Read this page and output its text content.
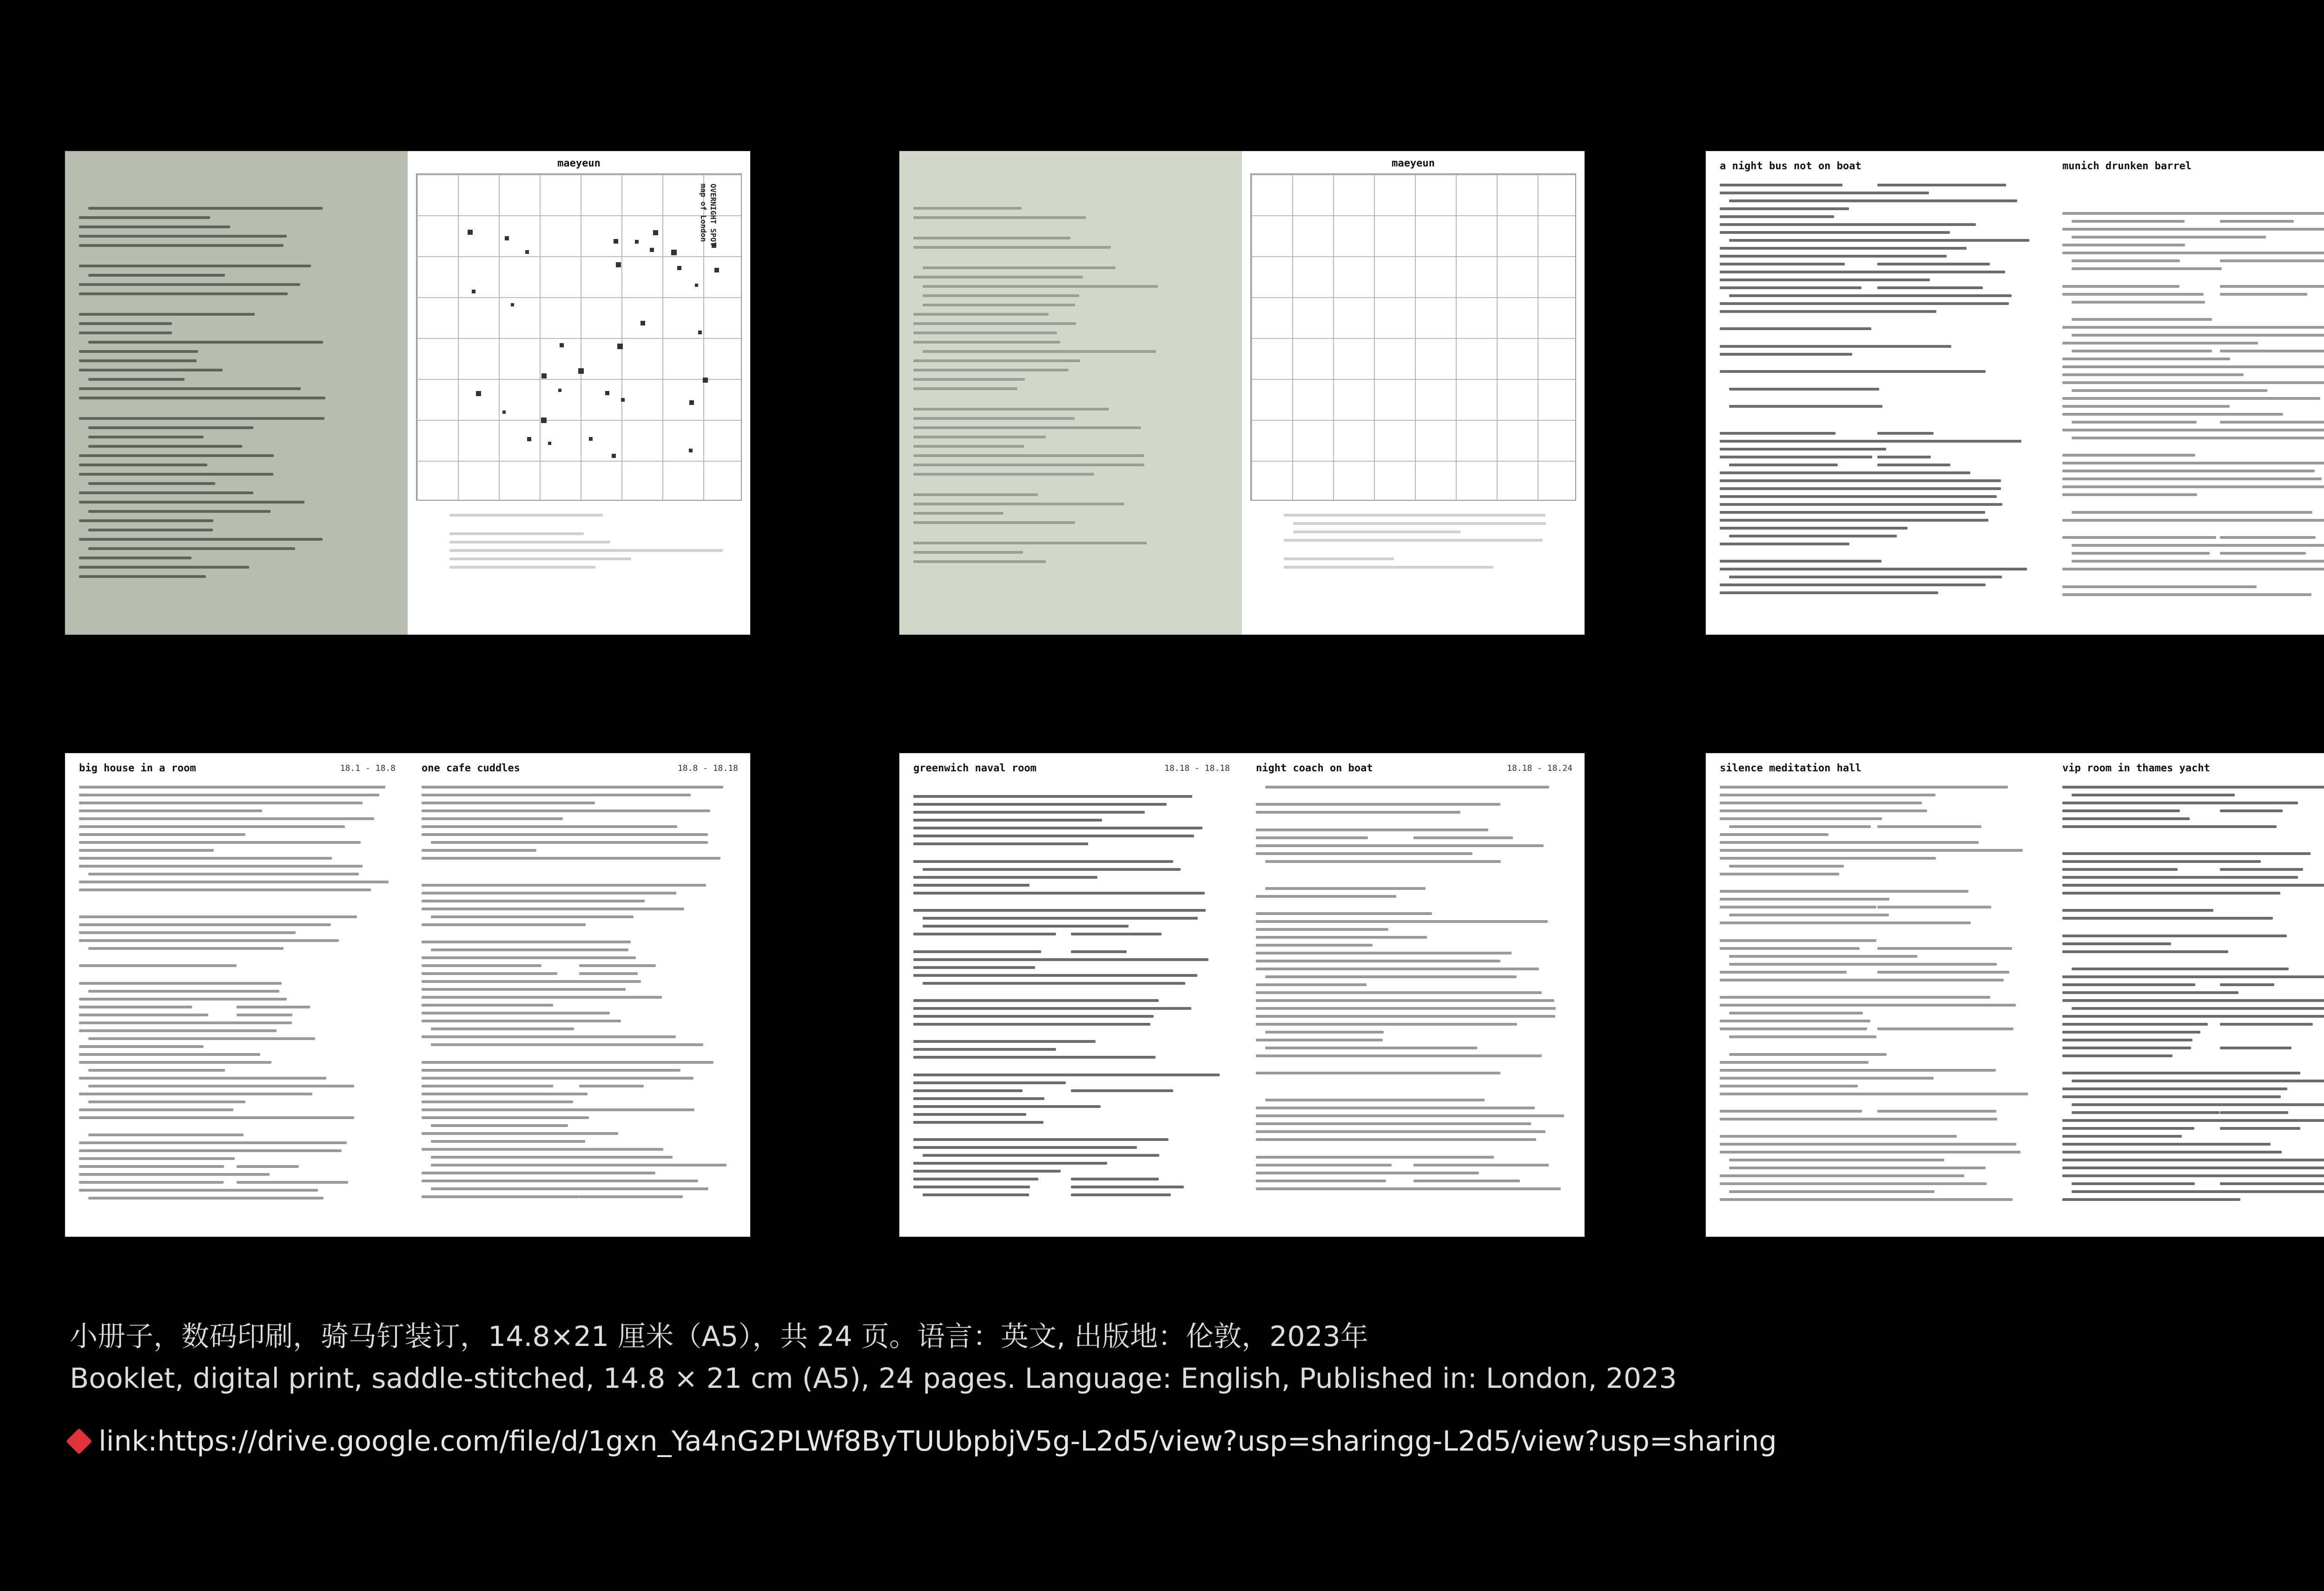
maeyeun
OVERNIGHT SPOT
map of London
maeyeun	a night bus not on boat	munich drunken barrel
big house in a room	18.1 - 18.8	one cafe cuddles	18.8 - 18.18	greenwich naval room	18.18 - 18.18	night coach on boat	18.18 - 18.24	silence meditation hall	vip room in thames yacht
小册子，数码印刷，骑马钉装订，14.8×21 厘米（A5），共 24 页。语言：英文, 出版地：伦敦，2023年
Booklet, digital print, saddle-stitched, 14.8 × 21 cm (A5), 24 pages. Language: English, Published in: London, 2023
link:https://drive.google.com/file/d/1gxn_Ya4nG2PLWf8ByTUUbpbjV5g-L2d5/view?usp=sharingg-L2d5/view?usp=sharing
